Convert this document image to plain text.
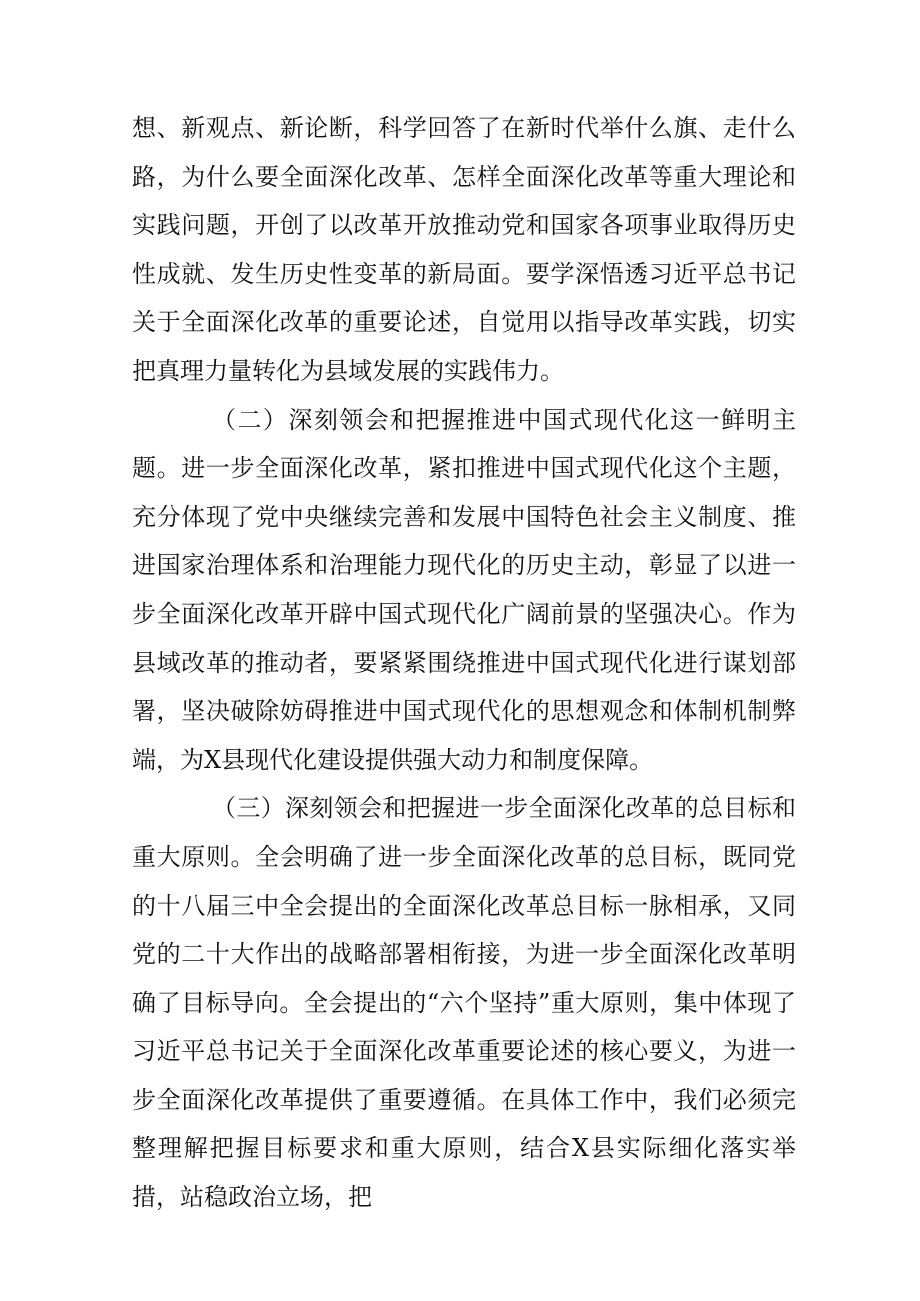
想、新观点、新论断，科学回答了在新时代举什么旗、走什么路，为什么要全面深化改革、怎样全面深化改革等重大理论和实践问题，开创了以改革开放推动党和国家各项事业取得历史性成就、发生历史性变革的新局面。要学深悟透习近平总书记关于全面深化改革的重要论述，自觉用以指导改革实践，切实把真理力量转化为县域发展的实践伟力。

（二）深刻领会和把握推进中国式现代化这一鲜明主题。进一步全面深化改革，紧扣推进中国式现代化这个主题，充分体现了党中央继续完善和发展中国特色社会主义制度、推进国家治理体系和治理能力现代化的历史主动，彰显了以进一步全面深化改革开辟中国式现代化广阔前景的坚强决心。作为县域改革的推动者，要紧紧围绕推进中国式现代化进行谋划部署，坚决破除妨碍推进中国式现代化的思想观念和体制机制弊端，为X县现代化建设提供强大动力和制度保障。

（三）深刻领会和把握进一步全面深化改革的总目标和重大原则。全会明确了进一步全面深化改革的总目标，既同党的十八届三中全会提出的全面深化改革总目标一脉相承，又同党的二十大作出的战略部署相衔接，为进一步全面深化改革明确了目标导向。全会提出的“六个坚持”重大原则，集中体现了习近平总书记关于全面深化改革重要论述的核心要义，为进一步全面深化改革提供了重要遵循。在具体工作中，我们必须完整理解把握目标要求和重大原则，结合X县实际细化落实举措，站稳政治立场，把
